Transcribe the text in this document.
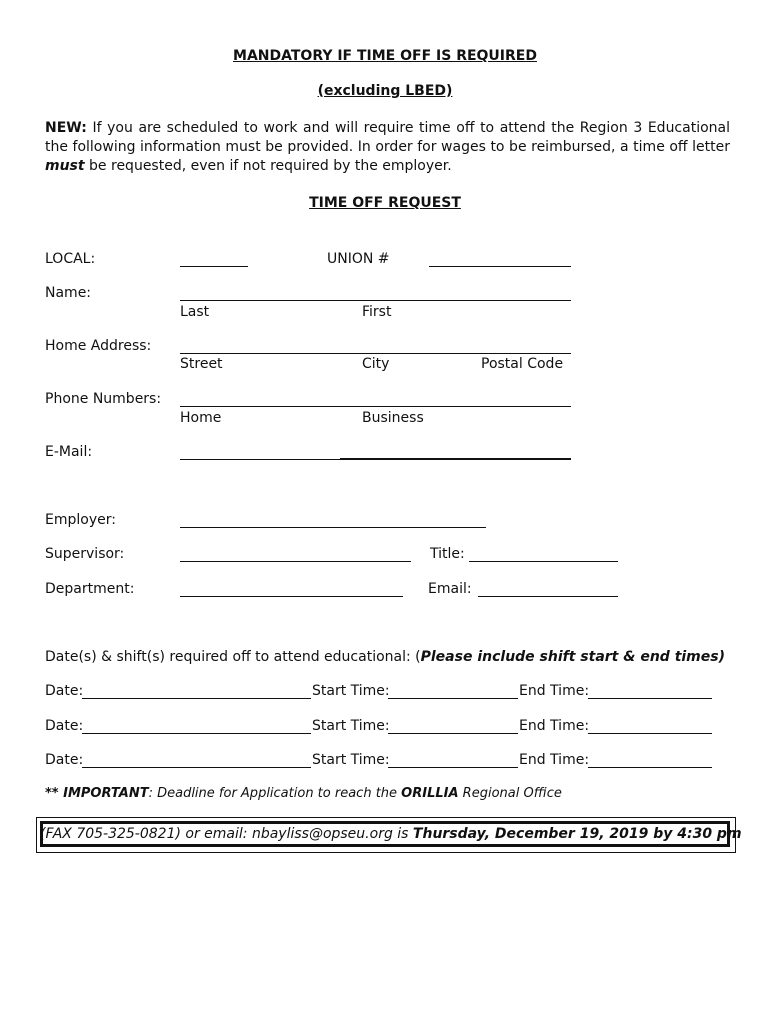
MANDATORY IF TIME OFF IS REQUIRED
(excluding LBED)
NEW: If you are scheduled to work and will require time off to attend the Region 3 Educational the following information must be provided. In order for wages to be reimbursed, a time off letter must be requested, even if not required by the employer.
TIME OFF REQUEST
LOCAL:	UNION #
Name:
Last	First
Home Address:
Street	City	Postal Code
Phone Numbers:
Home	Business
E-Mail:
Employer:
Supervisor:	Title:
Department:	Email:
Date(s) & shift(s) required off to attend educational: (Please include shift start & end times)
Date:	Start Time:	End Time:
Date:	Start Time:	End Time:
Date:	Start Time:	End Time:
** IMPORTANT: Deadline for Application to reach the ORILLIA Regional Office
(FAX 705-325-0821) or email: nbayliss@opseu.org is Thursday, December 19, 2019 by 4:30 pm
